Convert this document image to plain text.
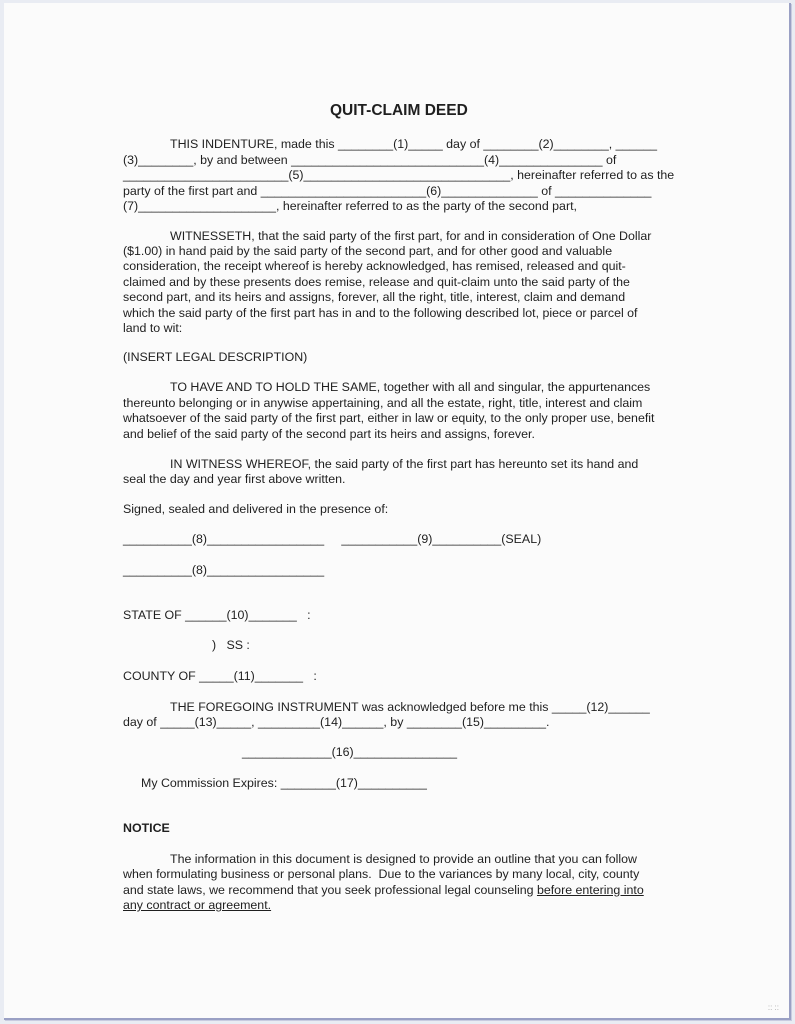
QUIT-CLAIM DEED
THIS INDENTURE, made this ________(1)_____ day of ________(2)________, ______
(3)________, by and between ____________________________(4)_______________ of
________________________(5)______________________________, hereinafter referred to as the
party of the first part and ________________________(6)______________ of ______________
(7)____________________, hereinafter referred to as the party of the second part,
WITNESSETH, that the said party of the first part, for and in consideration of One Dollar
($1.00) in hand paid by the said party of the second part, and for other good and valuable
consideration, the receipt whereof is hereby acknowledged, has remised, released and quit-
claimed and by these presents does remise, release and quit-claim unto the said party of the
second part, and its heirs and assigns, forever, all the right, title, interest, claim and demand
which the said party of the first part has in and to the following described lot, piece or parcel of
land to wit:
(INSERT LEGAL DESCRIPTION)
TO HAVE AND TO HOLD THE SAME, together with all and singular, the appurtenances
thereunto belonging or in anywise appertaining, and all the estate, right, title, interest and claim
whatsoever of the said party of the first part, either in law or equity, to the only proper use, benefit
and belief of the said party of the second part its heirs and assigns, forever.
IN WITNESS WHEREOF, the said party of the first part has hereunto set its hand and
seal the day and year first above written.
Signed, sealed and delivered in the presence of:
__________(8)_________________     ___________(9)__________(SEAL)
__________(8)_________________
STATE OF ______(10)_______   :
)   SS :
COUNTY OF _____(11)_______   :
THE FOREGOING INSTRUMENT was acknowledged before me this _____(12)______
day of _____(13)_____, _________(14)______, by ________(15)_________.
_____________(16)_______________
My Commission Expires: ________(17)__________
NOTICE
The information in this document is designed to provide an outline that you can follow
when formulating business or personal plans.  Due to the variances by many local, city, county
and state laws, we recommend that you seek professional legal counseling before entering into
any contract or agreement.
:: ::
